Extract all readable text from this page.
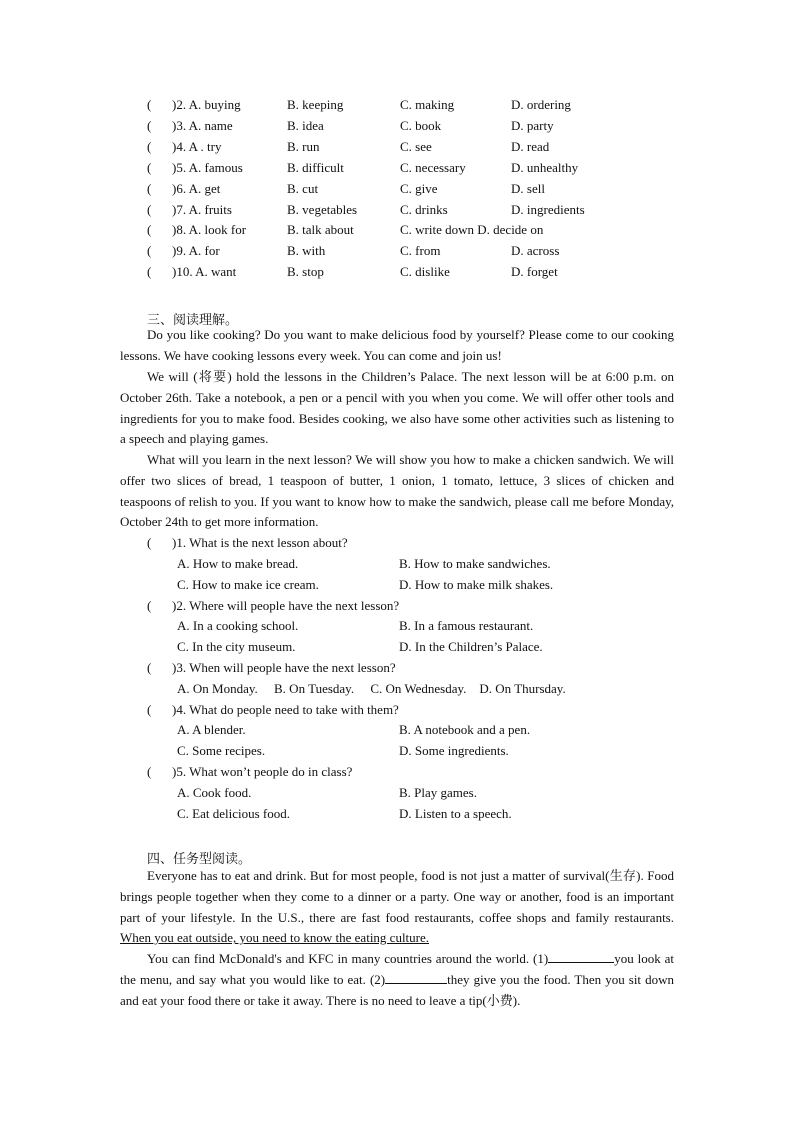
( )2. A. buying	B. keeping	C. making	D. ordering
( )3. A. name	B. idea	C. book	D. party
( )4. A . try	B. run	C. see	D. read
( )5. A. famous	B. difficult	C. necessary	D. unhealthy
( )6. A. get	B. cut	C. give	D. sell
( )7. A. fruits	B. vegetables	C. drinks	D. ingredients
( )8. A. look for	B. talk about	C. write down D. decide on
( )9. A. for	B. with	C. from	D. across
( )10. A. want	B. stop	C. dislike	D. forget
三、阅读理解。

Do you like cooking? Do you want to make delicious food by yourself? Please come to our cooking lessons. We have cooking lessons every week. You can come and join us!

We will (将要) hold the lessons in the Children’s Palace. The next lesson will be at 6:00 p.m. on October 26th. Take a notebook, a pen or a pencil with you when you come. We will offer other tools and ingredients for you to make food. Besides cooking, we also have some other activities such as listening to a speech and playing games.

What will you learn in the next lesson? We will show you how to make a chicken sandwich. We will offer two slices of bread, 1 teaspoon of butter, 1 onion, 1 tomato, lettuce, 3 slices of chicken and teaspoons of relish to you. If you want to know how to make the sandwich, please call me before Monday, October 24th to get more information.

( )1. What is the next lesson about?
A. How to make bread.	B. How to make sandwiches.
C. How to make ice cream.	D. How to make milk shakes.
( )2. Where will people have the next lesson?
A. In a cooking school.	B. In a famous restaurant.
C. In the city museum.	D. In the Children’s Palace.
( )3. When will people have the next lesson?
A. On Monday.     B. On Tuesday.     C. On Wednesday.    D. On Thursday.
( )4. What do people need to take with them?
A. A blender.	B. A notebook and a pen.
C. Some recipes.	D. Some ingredients.
( )5. What won’t people do in class?
A. Cook food.	B. Play games.
C. Eat delicious food.	D. Listen to a speech.
四、任务型阅读。

Everyone has to eat and drink. But for most people, food is not just a matter of survival(生存). Food brings people together when they come to a dinner or a party. One way or another, food is an important part of your lifestyle. In the U.S., there are fast food restaurants, coffee shops and family restaurants. When you eat outside, you need to know the eating culture.

You can find McDonald's and KFC in many countries around the world. (1)	you look at the menu, and say what you would like to eat. (2)	they give you the food. Then you sit down and eat your food there or take it away. There is no need to leave a tip(小费).
